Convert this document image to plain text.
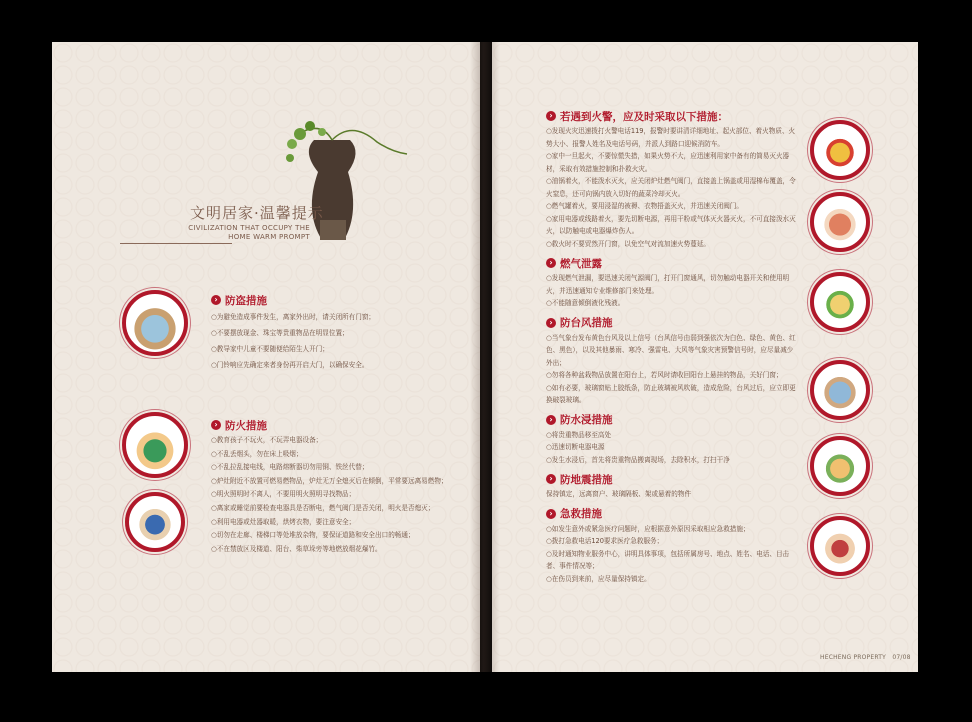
文明居家·温馨提示
CIVILIZATION THAT OCCUPY THE
HOME WARM PROMPT
› 防盗措施
○为避免造成事件发生，离家外出时，请关闭所有门窗；
○不要摆放现金、珠宝等贵重物品在明显位置；
○教导家中儿童不要随便给陌生人开门；
○门铃响应先确定来者身份再开启大门，以确保安全。
› 防火措施
○教育孩子不玩火，不玩弄电器设备；
○不乱丢烟头，勿在床上吸烟；
○不乱拉乱接电线，电路熔断器切勿用铜、铁丝代替；
○炉灶附近不放置可燃易燃物品，炉灶无万全熄灭后在倾倒，平常要远离易燃物；
○明火照明时不离人，不要用明火照明寻找物品；
○离家或睡觉前要检查电器具是否断电，燃气阀门是否关闭，明火是否熄灭；
○利用电器或灶器取暖，烘烤衣物，要注意安全；
○切勿在走廊、楼梯口等处堆放杂物，要保证道路和安全出口的畅通；
○不在禁放区及楼道、阳台、柴草垛旁等地燃放烟花爆竹。
› 若遇到火警，应及时采取以下措施：
○发现火灾迅速拨打火警电话119，报警时要讲清详细地址、起火部位、着火物质、火势大小、报警人姓名及电话号码，并派人到路口迎候消防车。
○家中一旦起火，不要惊慌失措，如果火势不大，应迅速利用家中备有的简易灭火器材，采取有效措施控制和扑救火灾。
○油锅着火，不能泼水灭火，应关闭炉灶燃气阀门，直接盖上锅盖或用湿棉布覆盖，令火窒息，还可向锅内放入切好的蔬菜冷却灭火。
○燃气罐着火，要用浸湿的被褥、衣物捂盖灭火，并迅速关闭阀门。
○家用电器或线路着火，要先切断电源，再用干粉或气体灭火器灭火，不可直接泼水灭火，以防触电或电器爆炸伤人。
○救火时不要贸然开门窗，以免空气对流加速火势蔓延。
› 燃气泄露
○发现燃气泄漏，要迅速关闭气源阀门，打开门窗通风，切勿触动电器开关和使用明火，并迅速通知专业维修部门来处理。
○不能随意倾倒液化残液。
› 防台风措施
○当气象台发布黄色台风及以上信号（台风信号由弱到强依次为白色、绿色、黄色、红色、黑色），以及其他暴雨、寒冷、强雷电、大风等气象灾害预警信号时，应尽量减少外出；
○勿将各种盆栽物品放置在阳台上，若风时请收回阳台上悬挂的物品，关好门窗；
○如有必要，玻璃窗贴上胶纸条，防止玻璃被风吹破，造成危险，台风过后，应立即更换破裂玻璃。
› 防水浸措施
○将贵重物品移至高处
○迅速切断电器电源
○发生水浸后，首先将贵重物品搬离现场，去除积水，打扫干净
› 防地震措施
保持镇定，远离窗户、玻璃隔板、架或悬着的物件
› 急救措施
○如发生意外或紧急医疗问题时，应根据意外原因采取相应急救措施；
○拨打急救电话120要求医疗急救服务；
○及时通知物业服务中心，讲明具体事项，包括所属房号、地点、姓名、电话、目击者、事件情况等；
○在伤员到来前，应尽量保持镇定。
HECHENG PROPERTY 07/08
